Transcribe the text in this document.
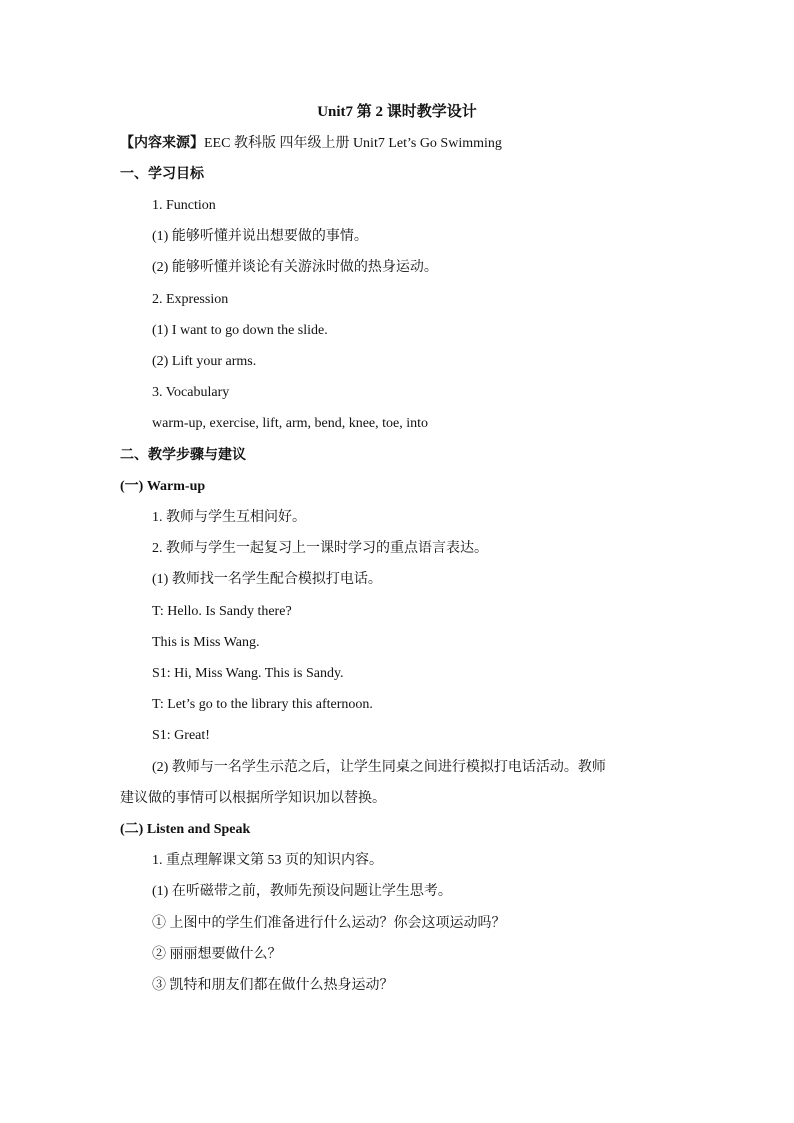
Unit7 第 2 课时教学设计
【内容来源】EEC 教科版 四年级上册 Unit7 Let’s Go Swimming
一、学习目标
1. Function
(1) 能够听懂并说出想要做的事情。
(2) 能够听懂并谈论有关游泳时做的热身运动。
2. Expression
(1) I want to go down the slide.
(2) Lift your arms.
3. Vocabulary
warm-up, exercise, lift, arm, bend, knee, toe, into
二、教学步骤与建议
(一) Warm-up
1. 教师与学生互相问好。
2. 教师与学生一起复习上一课时学习的重点语言表达。
(1) 教师找一名学生配合模拟打电话。
T: Hello. Is Sandy there?
This is Miss Wang.
S1: Hi, Miss Wang. This is Sandy.
T: Let’s go to the library this afternoon.
S1: Great!
(2) 教师与一名学生示范之后，让学生同桌之间进行模拟打电话活动。教师
建议做的事情可以根据所学知识加以替换。
(二) Listen and Speak
1. 重点理解课文第 53 页的知识内容。
(1) 在听磁带之前，教师先预设问题让学生思考。
① 上图中的学生们准备进行什么运动？你会这项运动吗？
② 丽丽想要做什么？
③ 凯特和朋友们都在做什么热身运动？
